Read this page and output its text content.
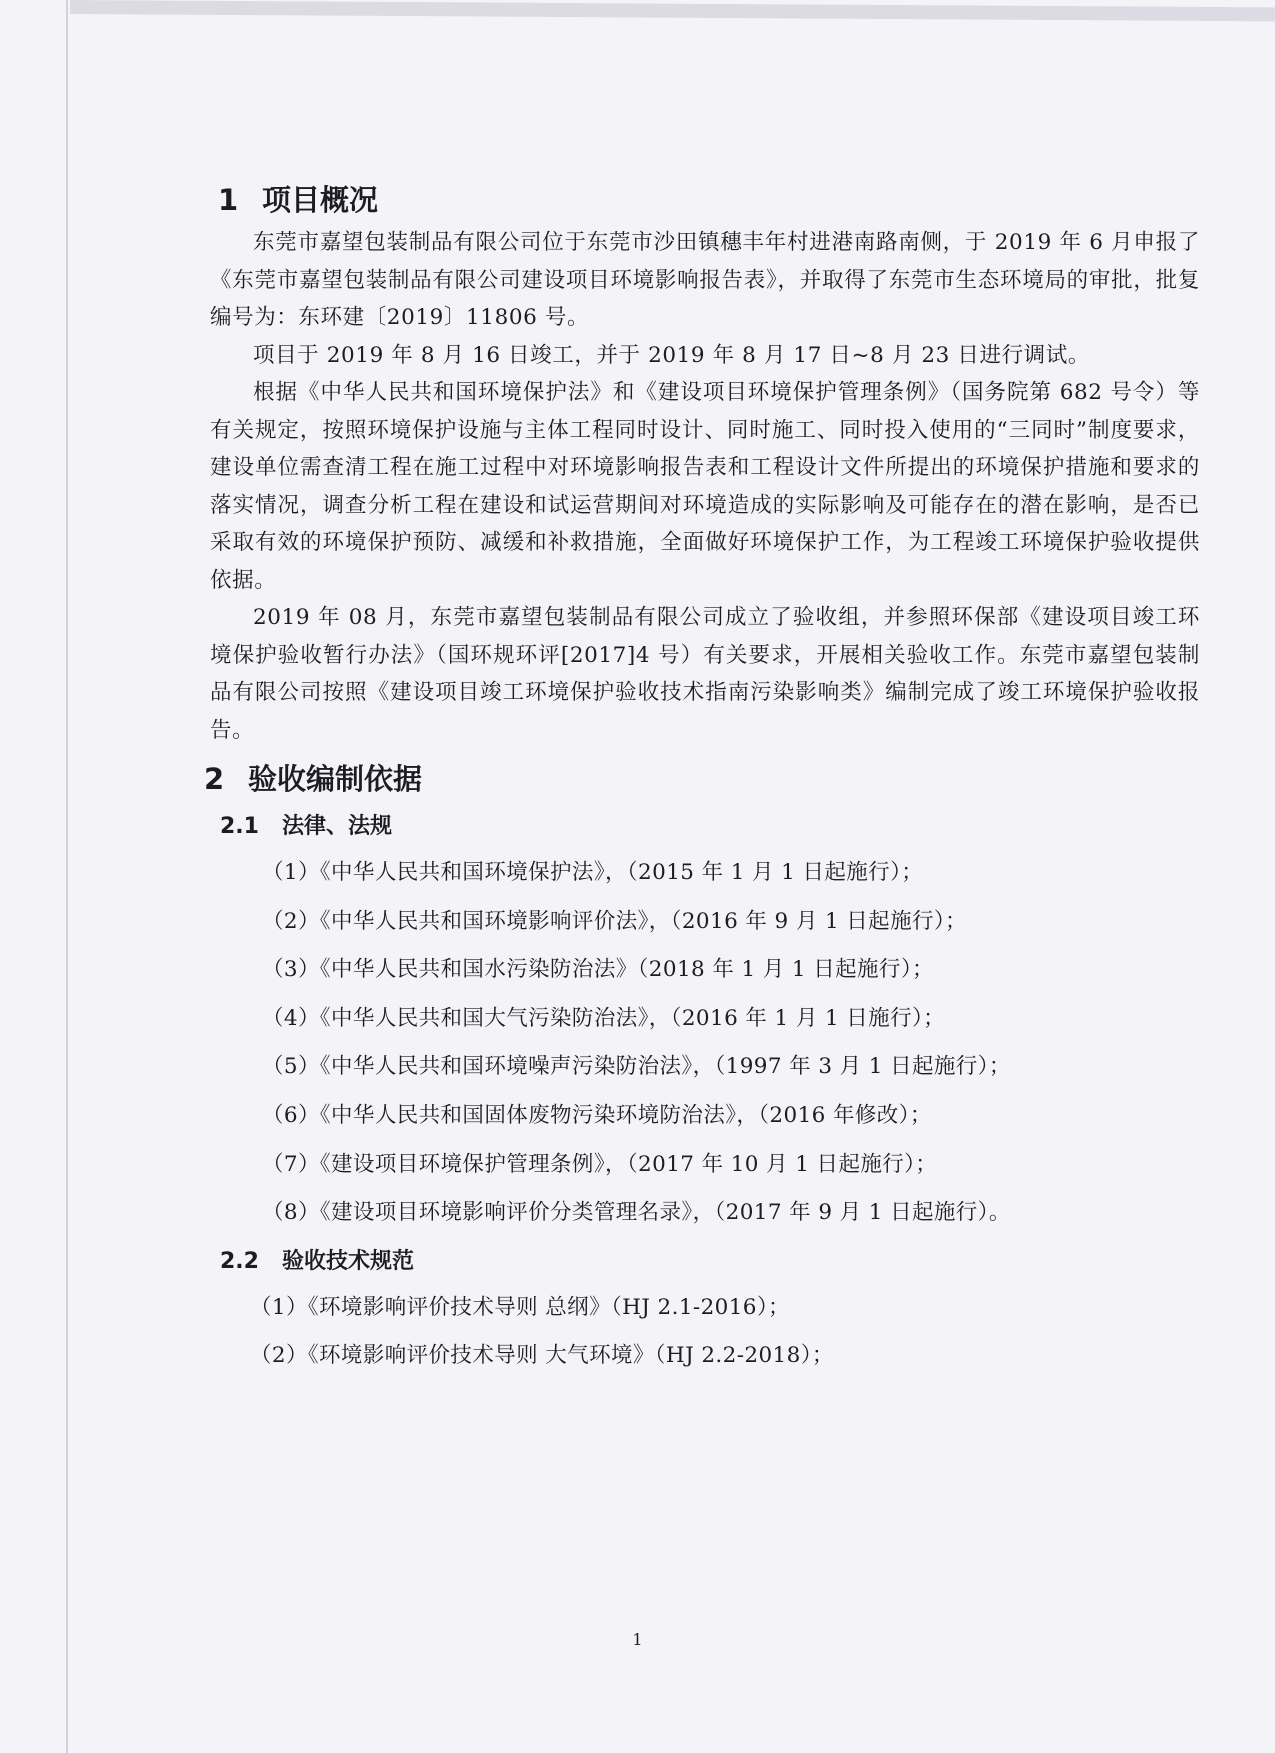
1 项目概况

东莞市嘉望包装制品有限公司位于东莞市沙田镇穗丰年村进港南路南侧，于 2019 年 6 月申报了《东莞市嘉望包装制品有限公司建设项目环境影响报告表》，并取得了东莞市生态环境局的审批，批复编号为：东环建〔2019〕11806 号。

项目于 2019 年 8 月 16 日竣工，并于 2019 年 8 月 17 日~8 月 23 日进行调试。

根据《中华人民共和国环境保护法》和《建设项目环境保护管理条例》（国务院第 682 号令）等有关规定，按照环境保护设施与主体工程同时设计、同时施工、同时投入使用的“三同时”制度要求，建设单位需查清工程在施工过程中对环境影响报告表和工程设计文件所提出的环境保护措施和要求的落实情况，调查分析工程在建设和试运营期间对环境造成的实际影响及可能存在的潜在影响，是否已采取有效的环境保护预防、减缓和补救措施，全面做好环境保护工作，为工程竣工环境保护验收提供依据。

2019 年 08 月，东莞市嘉望包装制品有限公司成立了验收组，并参照环保部《建设项目竣工环境保护验收暂行办法》（国环规环评[2017]4 号）有关要求，开展相关验收工作。东莞市嘉望包装制品有限公司按照《建设项目竣工环境保护验收技术指南污染影响类》编制完成了竣工环境保护验收报告。

2 验收编制依据
2.1 法律、法规
（1）《中华人民共和国环境保护法》，（2015 年 1 月 1 日起施行）；
（2）《中华人民共和国环境影响评价法》，（2016 年 9 月 1 日起施行）；
（3）《中华人民共和国水污染防治法》（2018 年 1 月 1 日起施行）；
（4）《中华人民共和国大气污染防治法》，（2016 年 1 月 1 日施行）；
（5）《中华人民共和国环境噪声污染防治法》，（1997 年 3 月 1 日起施行）；
（6）《中华人民共和国固体废物污染环境防治法》，（2016 年修改）；
（7）《建设项目环境保护管理条例》，（2017 年 10 月 1 日起施行）；
（8）《建设项目环境影响评价分类管理名录》，（2017 年 9 月 1 日起施行）。
2.2 验收技术规范
（1）《环境影响评价技术导则 总纲》（HJ 2.1-2016）；
（2）《环境影响评价技术导则 大气环境》（HJ 2.2-2018）；
1
